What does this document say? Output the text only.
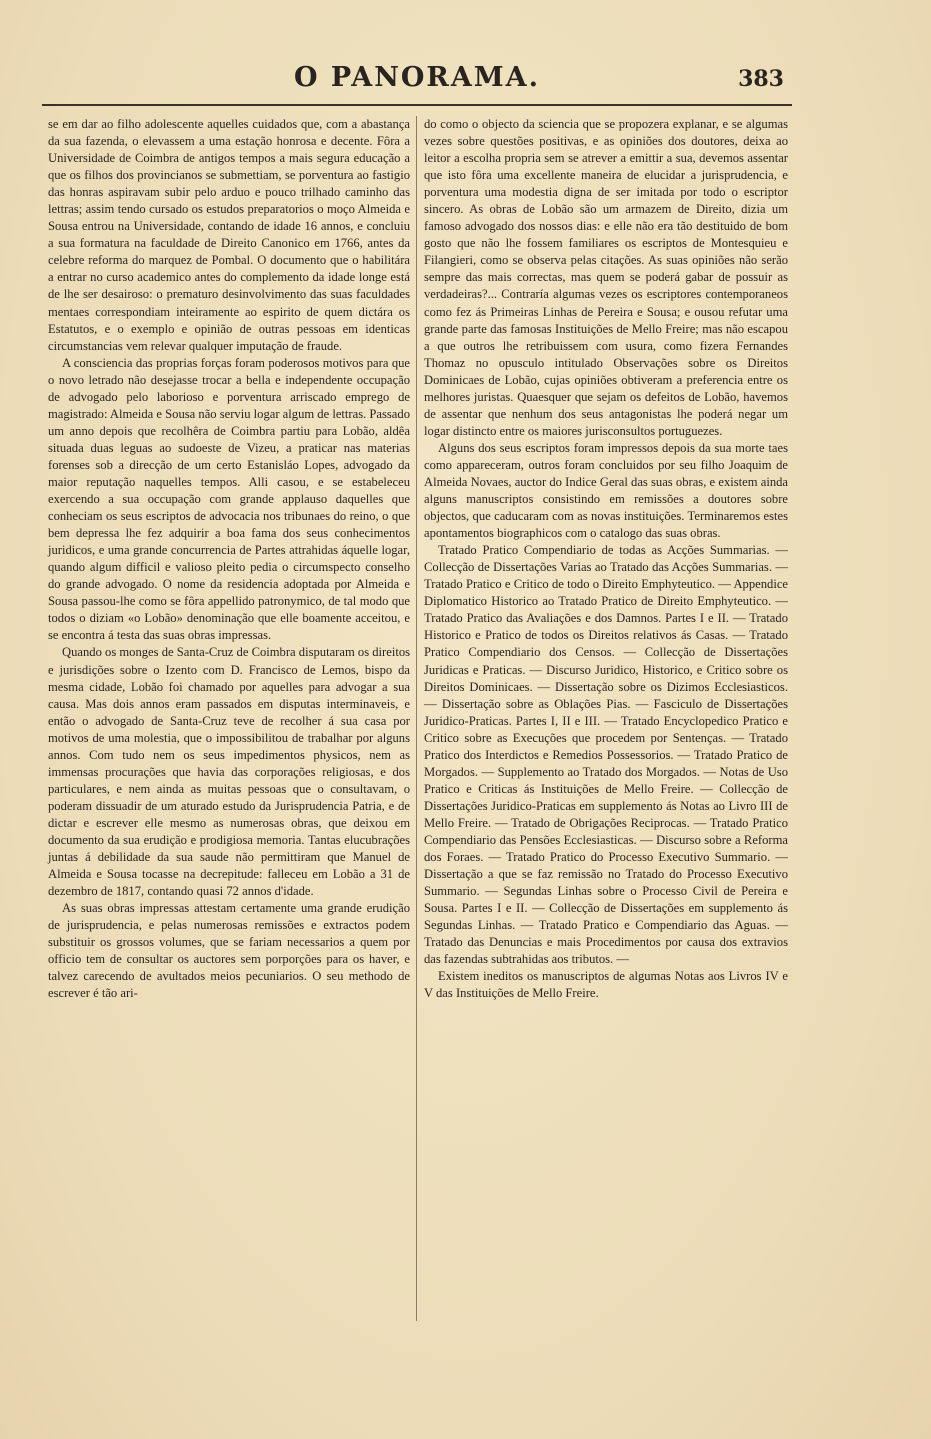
O PANORAMA.	383

se em dar ao filho adolescente aquelles cuidados que, com a abastança da sua fazenda, o elevassem a uma estação honrosa e decente. Fôra a Universidade de Coimbra de antigos tempos a mais segura educação a que os filhos dos provincianos se submettiam, se porventura ao fastigio das honras aspiravam subir pelo arduo e pouco trilhado caminho das lettras; assim tendo cursado os estudos preparatorios o moço Almeida e Sousa entrou na Universidade, contando de idade 16 annos, e concluiu a sua formatura na faculdade de Direito Canonico em 1766, antes da celebre reforma do marquez de Pombal. O documento que o habilitára a entrar no curso academico antes do complemento da idade longe está de lhe ser desairoso: o prematuro desinvolvimento das suas faculdades mentaes correspondiam inteiramente ao espirito de quem dictára os Estatutos, e o exemplo e opinião de outras pessoas em identicas circumstancias vem relevar qualquer imputação de fraude.

A consciencia das proprias forças foram poderosos motivos para que o novo letrado não desejasse trocar a bella e independente occupação de advogado pelo laborioso e porventura arriscado emprego de magistrado: Almeida e Sousa não serviu logar algum de lettras. Passado um anno depois que recolhêra de Coimbra partiu para Lobão, aldêa situada duas leguas ao sudoeste de Vizeu, a praticar nas materias forenses sob a direcção de um certo Estanisláo Lopes, advogado da maior reputação naquelles tempos. Alli casou, e se estabeleceu exercendo a sua occupação com grande applauso daquelles que conheciam os seus escriptos de advocacia nos tribunaes do reino, o que bem depressa lhe fez adquirir a boa fama dos seus conhecimentos juridicos, e uma grande concurrencia de Partes attrahidas áquelle logar, quando algum difficil e valioso pleito pedia o circumspecto conselho do grande advogado. O nome da residencia adoptada por Almeida e Sousa passou-lhe como se fôra appellido patronymico, de tal modo que todos o diziam «o Lobão» denominação que elle boamente acceitou, e se encontra á testa das suas obras impressas.

Quando os monges de Santa-Cruz de Coimbra disputaram os direitos e jurisdições sobre o Izento com D. Francisco de Lemos, bispo da mesma cidade, Lobão foi chamado por aquelles para advogar a sua causa. Mas dois annos eram passados em disputas interminaveis, e então o advogado de Santa-Cruz teve de recolher á sua casa por motivos de uma molestia, que o impossibilitou de trabalhar por alguns annos. Com tudo nem os seus impedimentos physicos, nem as immensas procurações que havia das corporações religiosas, e dos particulares, e nem ainda as muitas pessoas que o consultavam, o poderam dissuadir de um aturado estudo da Jurisprudencia Patria, e de dictar e escrever elle mesmo as numerosas obras, que deixou em documento da sua erudição e prodigiosa memoria. Tantas elucubrações juntas á debilidade da sua saude não permittiram que Manuel de Almeida e Sousa tocasse na decrepitude: falleceu em Lobão a 31 de dezembro de 1817, contando quasi 72 annos d'idade.

As suas obras impressas attestam certamente uma grande erudição de jurisprudencia, e pelas numerosas remissões e extractos podem substituir os grossos volumes, que se fariam necessarios a quem por officio tem de consultar os auctores sem porporções para os haver, e talvez carecendo de avultados meios pecuniarios. O seu methodo de escrever é tão ari-

do como o objecto da sciencia que se propozera explanar, e se algumas vezes sobre questões positivas, e as opiniões dos doutores, deixa ao leitor a escolha propria sem se atrever a emittir a sua, devemos assentar que isto fôra uma excellente maneira de elucidar a jurisprudencia, e porventura uma modestia digna de ser imitada por todo o escriptor sincero. As obras de Lobão são um armazem de Direito, dizia um famoso advogado dos nossos dias: e elle não era tão destituido de bom gosto que não lhe fossem familiares os escriptos de Montesquieu e Filangieri, como se observa pelas citações. As suas opiniões não serão sempre das mais correctas, mas quem se poderá gabar de possuir as verdadeiras?... Contraría algumas vezes os escriptores contemporaneos como fez ás Primeiras Linhas de Pereira e Sousa; e ousou refutar uma grande parte das famosas Instituições de Mello Freire; mas não escapou a que outros lhe retribuissem com usura, como fizera Fernandes Thomaz no opusculo intitulado Observações sobre os Direitos Dominicaes de Lobão, cujas opiniões obtiveram a preferencia entre os melhores juristas. Quaesquer que sejam os defeitos de Lobão, havemos de assentar que nenhum dos seus antagonistas lhe poderá negar um logar distincto entre os maiores jurisconsultos portuguezes.

Alguns dos seus escriptos foram impressos depois da sua morte taes como appareceram, outros foram concluidos por seu filho Joaquim de Almeida Novaes, auctor do Indice Geral das suas obras, e existem ainda alguns manuscriptos consistindo em remissões a doutores sobre objectos, que caducaram com as novas instituições. Terminaremos estes apontamentos biographicos com o catalogo das suas obras.

Tratado Pratico Compendiario de todas as Acções Summarias. — Collecção de Dissertações Varias ao Tratado das Acções Summarias. — Tratado Pratico e Critico de todo o Direito Emphyteutico. — Appendice Diplomatico Historico ao Tratado Pratico de Direito Emphyteutico. — Tratado Pratico das Avaliações e dos Damnos. Partes I e II. — Tratado Historico e Pratico de todos os Direitos relativos ás Casas. — Tratado Pratico Compendiario dos Censos. — Collecção de Dissertações Juridicas e Praticas. — Discurso Juridico, Historico, e Critico sobre os Direitos Dominicaes. — Dissertação sobre os Dizimos Ecclesiasticos. — Dissertação sobre as Oblações Pias. — Fasciculo de Dissertações Juridico-Praticas. Partes I, II e III. — Tratado Encyclopedico Pratico e Critico sobre as Execuções que procedem por Sentenças. — Tratado Pratico dos Interdictos e Remedios Possessorios. — Tratado Pratico de Morgados. — Supplemento ao Tratado dos Morgados. — Notas de Uso Pratico e Criticas ás Instituições de Mello Freire. — Collecção de Dissertações Juridico-Praticas em supplemento ás Notas ao Livro III de Mello Freire. — Tratado de Obrigações Reciprocas. — Tratado Pratico Compendiario das Pensões Ecclesiasticas. — Discurso sobre a Reforma dos Foraes. — Tratado Pratico do Processo Executivo Summario. — Dissertação a que se faz remissão no Tratado do Processo Executivo Summario. — Segundas Linhas sobre o Processo Civil de Pereira e Sousa. Partes I e II. — Collecção de Dissertações em supplemento ás Segundas Linhas. — Tratado Pratico e Compendiario das Aguas. — Tratado das Denuncias e mais Procedimentos por causa dos extravios das fazendas subtrahidas aos tributos. —

Existem ineditos os manuscriptos de algumas Notas aos Livros IV e V das Instituições de Mello Freire.
